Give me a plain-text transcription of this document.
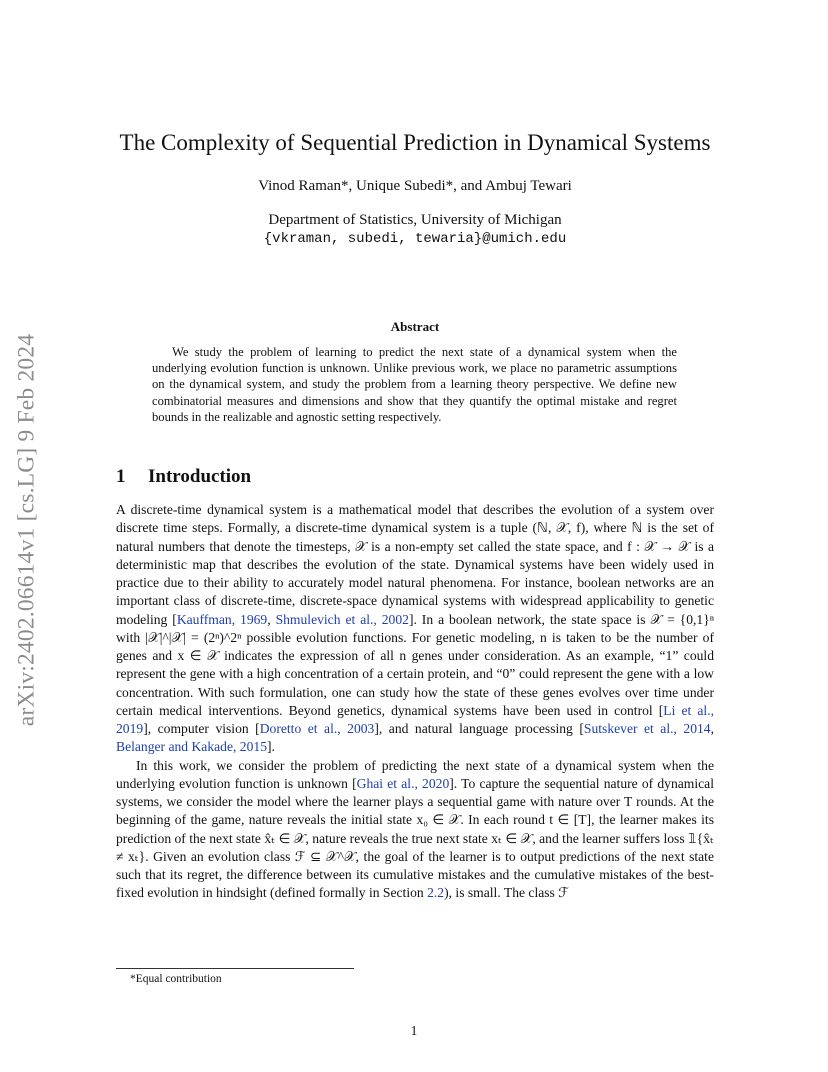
arXiv:2402.06614v1 [cs.LG] 9 Feb 2024
The Complexity of Sequential Prediction in Dynamical Systems
Vinod Raman*, Unique Subedi*, and Ambuj Tewari
Department of Statistics, University of Michigan
{vkraman, subedi, tewaria}@umich.edu
Abstract

We study the problem of learning to predict the next state of a dynamical system when the underlying evolution function is unknown. Unlike previous work, we place no parametric assumptions on the dynamical system, and study the problem from a learning theory perspective. We define new combinatorial measures and dimensions and show that they quantify the optimal mistake and regret bounds in the realizable and agnostic setting respectively.

1 Introduction

A discrete-time dynamical system is a mathematical model that describes the evolution of a system over discrete time steps. Formally, a discrete-time dynamical system is a tuple (ℕ, 𝒳, f), where ℕ is the set of natural numbers that denote the timesteps, 𝒳 is a non-empty set called the state space, and f : 𝒳 → 𝒳 is a deterministic map that describes the evolution of the state. Dynamical systems have been widely used in practice due to their ability to accurately model natural phenomena. For instance, boolean networks are an important class of discrete-time, discrete-space dynamical systems with widespread applicability to genetic modeling [Kauffman, 1969, Shmulevich et al., 2002]. In a boolean network, the state space is 𝒳 = {0,1}ⁿ with |𝒳|^|𝒳| = (2ⁿ)^2ⁿ possible evolution functions. For genetic modeling, n is taken to be the number of genes and x ∈ 𝒳 indicates the expression of all n genes under consideration. As an example, “1” could represent the gene with a high concentration of a certain protein, and “0” could represent the gene with a low concentration. With such formulation, one can study how the state of these genes evolves over time under certain medical interventions. Beyond genetics, dynamical systems have been used in control [Li et al., 2019], computer vision [Doretto et al., 2003], and natural language processing [Sutskever et al., 2014, Belanger and Kakade, 2015].

In this work, we consider the problem of predicting the next state of a dynamical system when the underlying evolution function is unknown [Ghai et al., 2020]. To capture the sequential nature of dynamical systems, we consider the model where the learner plays a sequential game with nature over T rounds. At the beginning of the game, nature reveals the initial state x₀ ∈ 𝒳. In each round t ∈ [T], the learner makes its prediction of the next state x̂ₜ ∈ 𝒳, nature reveals the true next state xₜ ∈ 𝒳, and the learner suffers loss 𝟙{x̂ₜ ≠ xₜ}. Given an evolution class ℱ ⊆ 𝒳^𝒳, the goal of the learner is to output predictions of the next state such that its regret, the difference between its cumulative mistakes and the cumulative mistakes of the best-fixed evolution in hindsight (defined formally in Section 2.2), is small. The class ℱ

*Equal contribution
1
